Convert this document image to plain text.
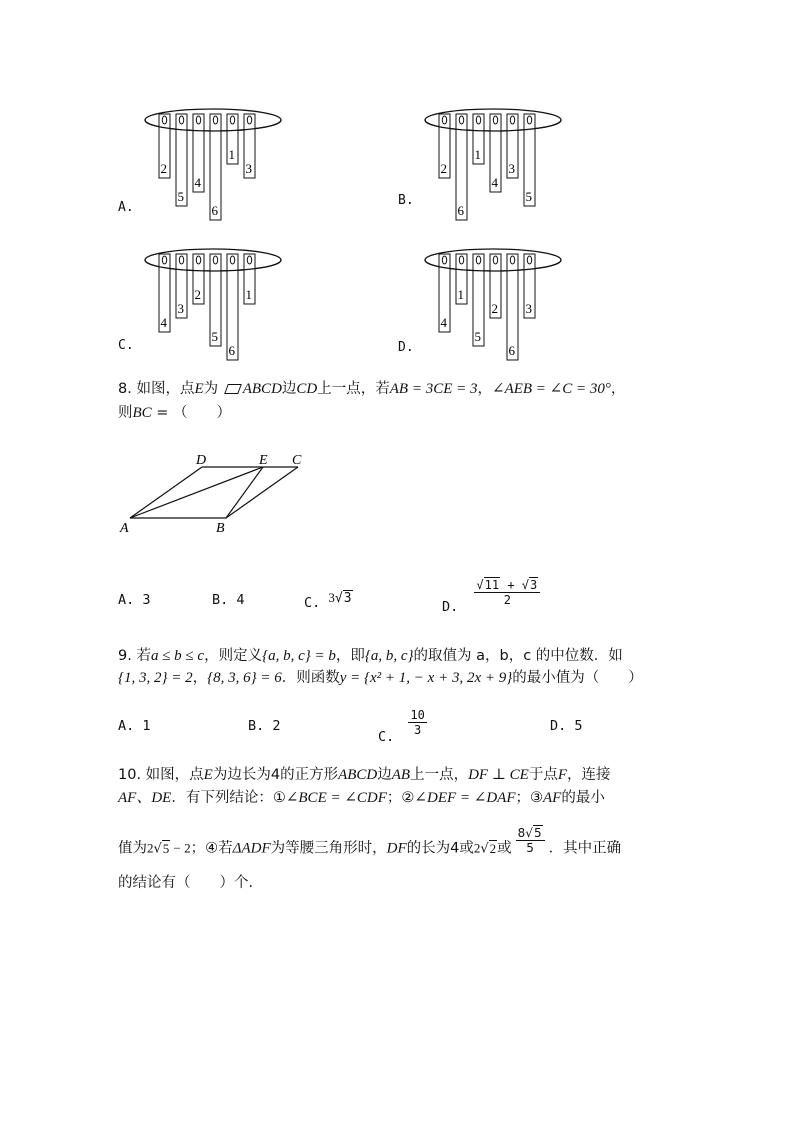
2
5
4
6
1
3	2
6
1
4
3
5
4
3
2
5
6
1
4
1
5
2
6
3
A.	B.
C.	D.
8. 如图，点E为 ABCD边CD上一点，若AB = 3CE = 3，∠AEB = ∠C = 30°，
则BC = （　　）
D	E C
A	B
A. 3	B. 4	C. 3√3	D. $\frac{√11 + √3}{2}$
9. 若a ≤ b ≤ c，则定义{a, b, c} = b，即{a, b, c}的取值为 a，b，c 的中位数．如
{1, 3, 2} = 2，{8, 3, 6} = 6．则函数y = {x² + 1, − x + 3, 2x + 9}的最小值为（　　）
A. 1	B. 2
C. $\frac{10}{3}$	D. 5
10. 如图，点E为边长为4的正方形ABCD边AB上一点，DF ⊥ CE于点F，连接
AF、DE．有下列结论：①∠BCE = ∠CDF；②∠DEF = ∠DAF；③AF的最小
值为2√5 − 2；④若ΔADF为等腰三角形时，DF的长为4或2√2或 $\frac{8√5}{5}$ ．其中正确
的结论有（　　）个．
